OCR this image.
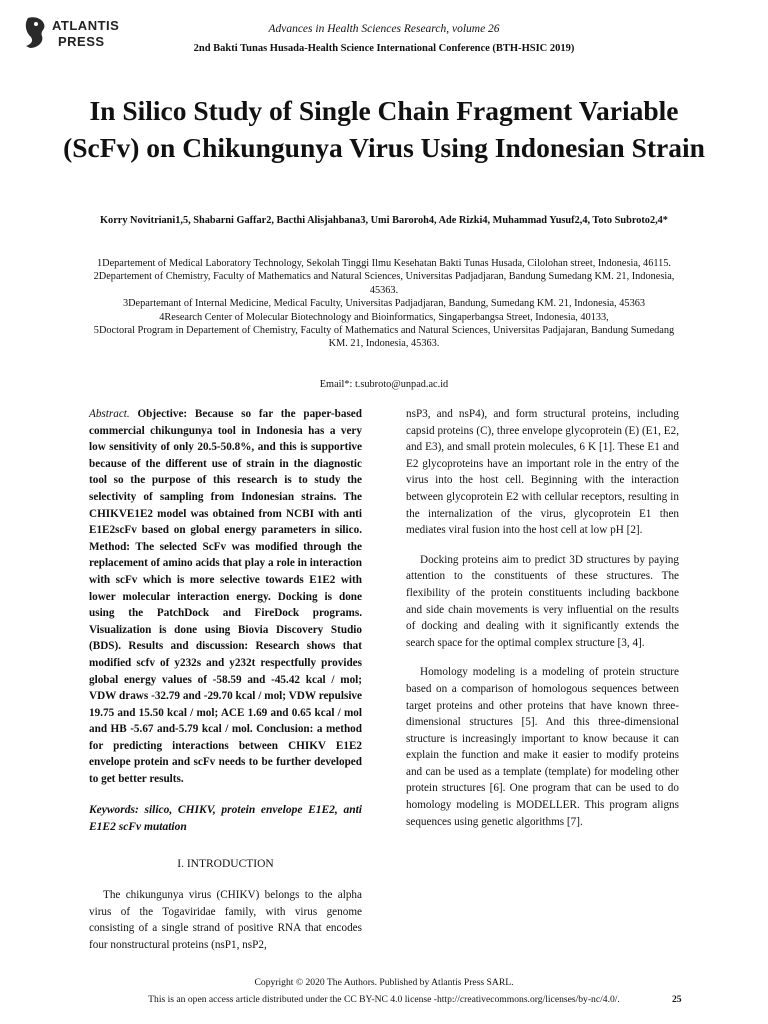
ATLANTIS
PRESS
Advances in Health Sciences Research, volume 26
2nd Bakti Tunas Husada-Health Science International Conference (BTH-HSIC 2019)
In Silico Study of Single Chain Fragment Variable (ScFv) on Chikungunya Virus Using Indonesian Strain
Korry Novitriani1,5, Shabarni Gaffar2, Bacthi Alisjahbana3, Umi Baroroh4, Ade Rizki4, Muhammad Yusuf2,4, Toto Subroto2,4*
1Departement of Medical Laboratory Technology, Sekolah Tinggi Ilmu Kesehatan Bakti Tunas Husada, Cilolohan street, Indonesia, 46115.
2Departement of Chemistry, Faculty of Mathematics and Natural Sciences, Universitas Padjadjaran, Bandung Sumedang KM. 21, Indonesia, 45363.
3Departemant of Internal Medicine, Medical Faculty, Universitas Padjadjaran, Bandung, Sumedang KM. 21, Indonesia, 45363
4Research Center of Molecular Biotechnology and Bioinformatics, Singaperbangsa Street, Indonesia, 40133,
5Doctoral Program in Departement of Chemistry, Faculty of Mathematics and Natural Sciences, Universitas Padjajaran, Bandung Sumedang KM. 21, Indonesia, 45363.
Email*: t.subroto@unpad.ac.id

Abstract. Objective: Because so far the paper-based commercial chikungunya tool in Indonesia has a very low sensitivity of only 20.5-50.8%, and this is supportive because of the different use of strain in the diagnostic tool so the purpose of this research is to study the selectivity of sampling from Indonesian strains. The CHIKVE1E2 model was obtained from NCBI with anti E1E2scFv based on global energy parameters in silico. Method: The selected ScFv was modified through the replacement of amino acids that play a role in interaction with scFv which is more selective towards E1E2 with lower molecular interaction energy. Docking is done using the PatchDock and FireDock programs. Visualization is done using Biovia Discovery Studio (BDS). Results and discussion: Research shows that modified scfv of y232s and y232t respectfully provides global energy values of -58.59 and -45.42 kcal / mol; VDW draws -32.79 and -29.70 kcal / mol; VDW repulsive 19.75 and 15.50 kcal / mol; ACE 1.69 and 0.65 kcal / mol and HB -5.67 and-5.79 kcal / mol. Conclusion: a method for predicting interactions between CHIKV E1E2 envelope protein and scFv needs to be further developed to get better results.

Keywords: silico, CHIKV, protein envelope E1E2, anti E1E2 scFv mutation

I. INTRODUCTION

The chikungunya virus (CHIKV) belongs to the alpha virus of the Togaviridae family, with virus genome consisting of a single strand of positive RNA that encodes four nonstructural proteins (nsP1, nsP2,

nsP3, and nsP4), and form structural proteins, including capsid proteins (C), three envelope glycoprotein (E) (E1, E2, and E3), and small protein molecules, 6 K [1]. These E1 and E2 glycoproteins have an important role in the entry of the virus into the host cell. Beginning with the interaction between glycoprotein E2 with cellular receptors, resulting in the internalization of the virus, glycoprotein E1 then mediates viral fusion into the host cell at low pH [2].

Docking proteins aim to predict 3D structures by paying attention to the constituents of these structures. The flexibility of the protein constituents including backbone and side chain movements is very influential on the results of docking and dealing with it significantly extends the search space for the optimal complex structure [3, 4].

Homology modeling is a modeling of protein structure based on a comparison of homologous sequences between target proteins and other proteins that have known three-dimensional structures [5]. And this three-dimensional structure is increasingly important to know because it can explain the function and make it easier to modify proteins and can be used as a template (template) for modeling other protein structures [6]. One program that can be used to do homology modeling is MODELLER. This program aligns sequences using genetic algorithms [7].

Copyright © 2020 The Authors. Published by Atlantis Press SARL.
This is an open access article distributed under the CC BY-NC 4.0 license -http://creativecommons.org/licenses/by-nc/4.0/.	25
